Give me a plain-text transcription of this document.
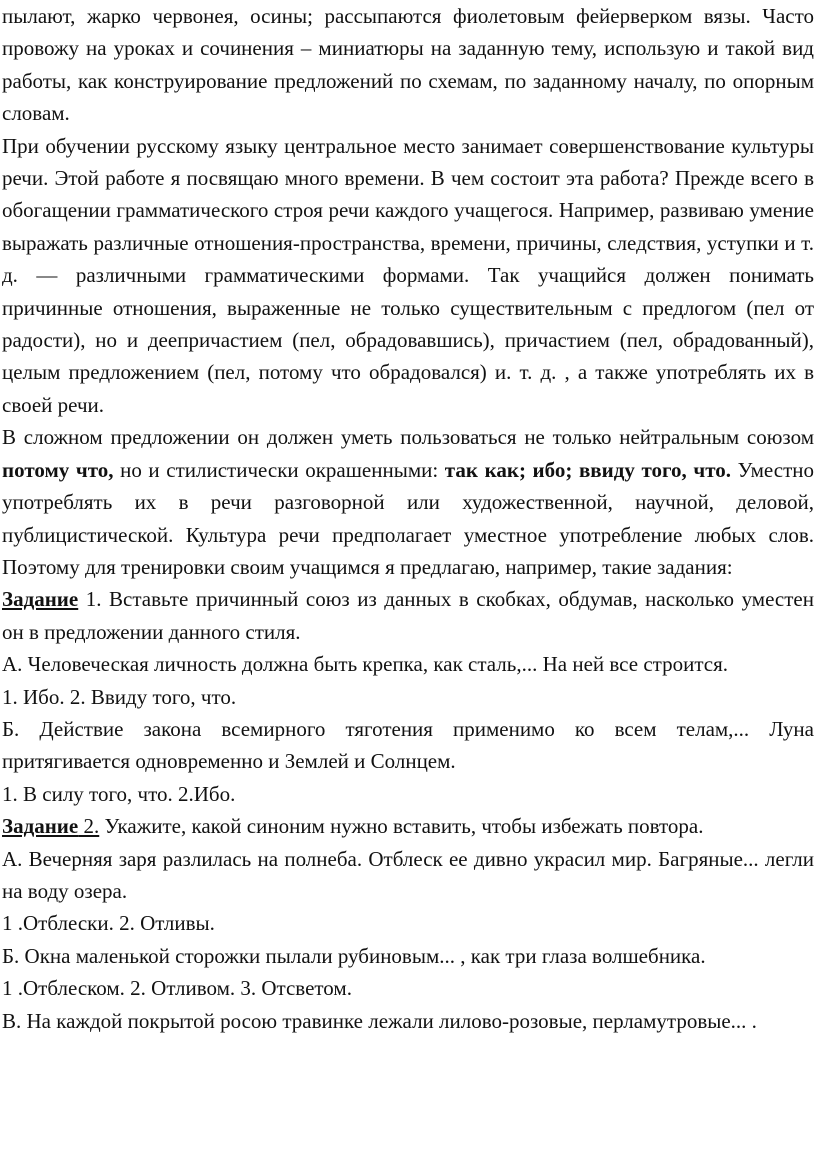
пылают, жарко червонея, осины; рассыпаются фиолетовым фейерверком вязы. Часто провожу на уроках и сочинения – миниатюры на заданную тему, использую и такой вид работы, как конструирование предложений по схемам, по заданному началу, по опорным словам.

При обучении русскому языку центральное место занимает совершенствование культуры речи. Этой работе я посвящаю много времени. В чем состоит эта работа? Прежде всего в обогащении грамматического строя речи каждого учащегося. Например, развиваю умение выражать различные отношения-пространства, времени, причины, следствия, уступки и т. д. — различными грамматическими формами. Так учащийся должен понимать причинные отношения, выраженные не только существительным с предлогом (пел от радости), но и деепричастием (пел, обрадовавшись), причастием (пел, обрадованный), целым предложением (пел, потому что обрадовался) и. т. д. , а также употреблять их в своей речи.

В сложном предложении он должен уметь пользоваться не только нейтральным союзом потому что, но и стилистически окрашенными: так как; ибо; ввиду того, что. Уместно употреблять их в речи разговорной или художественной, научной, деловой, публицистической. Культура речи предполагает уместное употребление любых слов. Поэтому для тренировки своим учащимся я предлагаю, например, такие задания:

Задание 1. Вставьте причинный союз из данных в скобках, обдумав, насколько уместен он в предложении данного стиля.

А. Человеческая личность должна быть крепка, как сталь,... На ней все строится.

1. Ибо. 2. Ввиду того, что.

Б. Действие закона всемирного тяготения применимо ко всем телам,... Луна притягивается одновременно и Землей и Солнцем.

1. В силу того, что. 2.Ибо.

Задание 2. Укажите, какой синоним нужно вставить, чтобы избежать повтора.

А. Вечерняя заря разлилась на полнеба. Отблеск ее дивно украсил мир. Багряные... легли на воду озера.

1 .Отблески. 2. Отливы.

Б. Окна маленькой сторожки пылали рубиновым... , как три глаза волшебника.

1 .Отблеском. 2. Отливом. 3. Отсветом.

В. На каждой покрытой росою травинке лежали лилово-розовые, перламутровые... .
